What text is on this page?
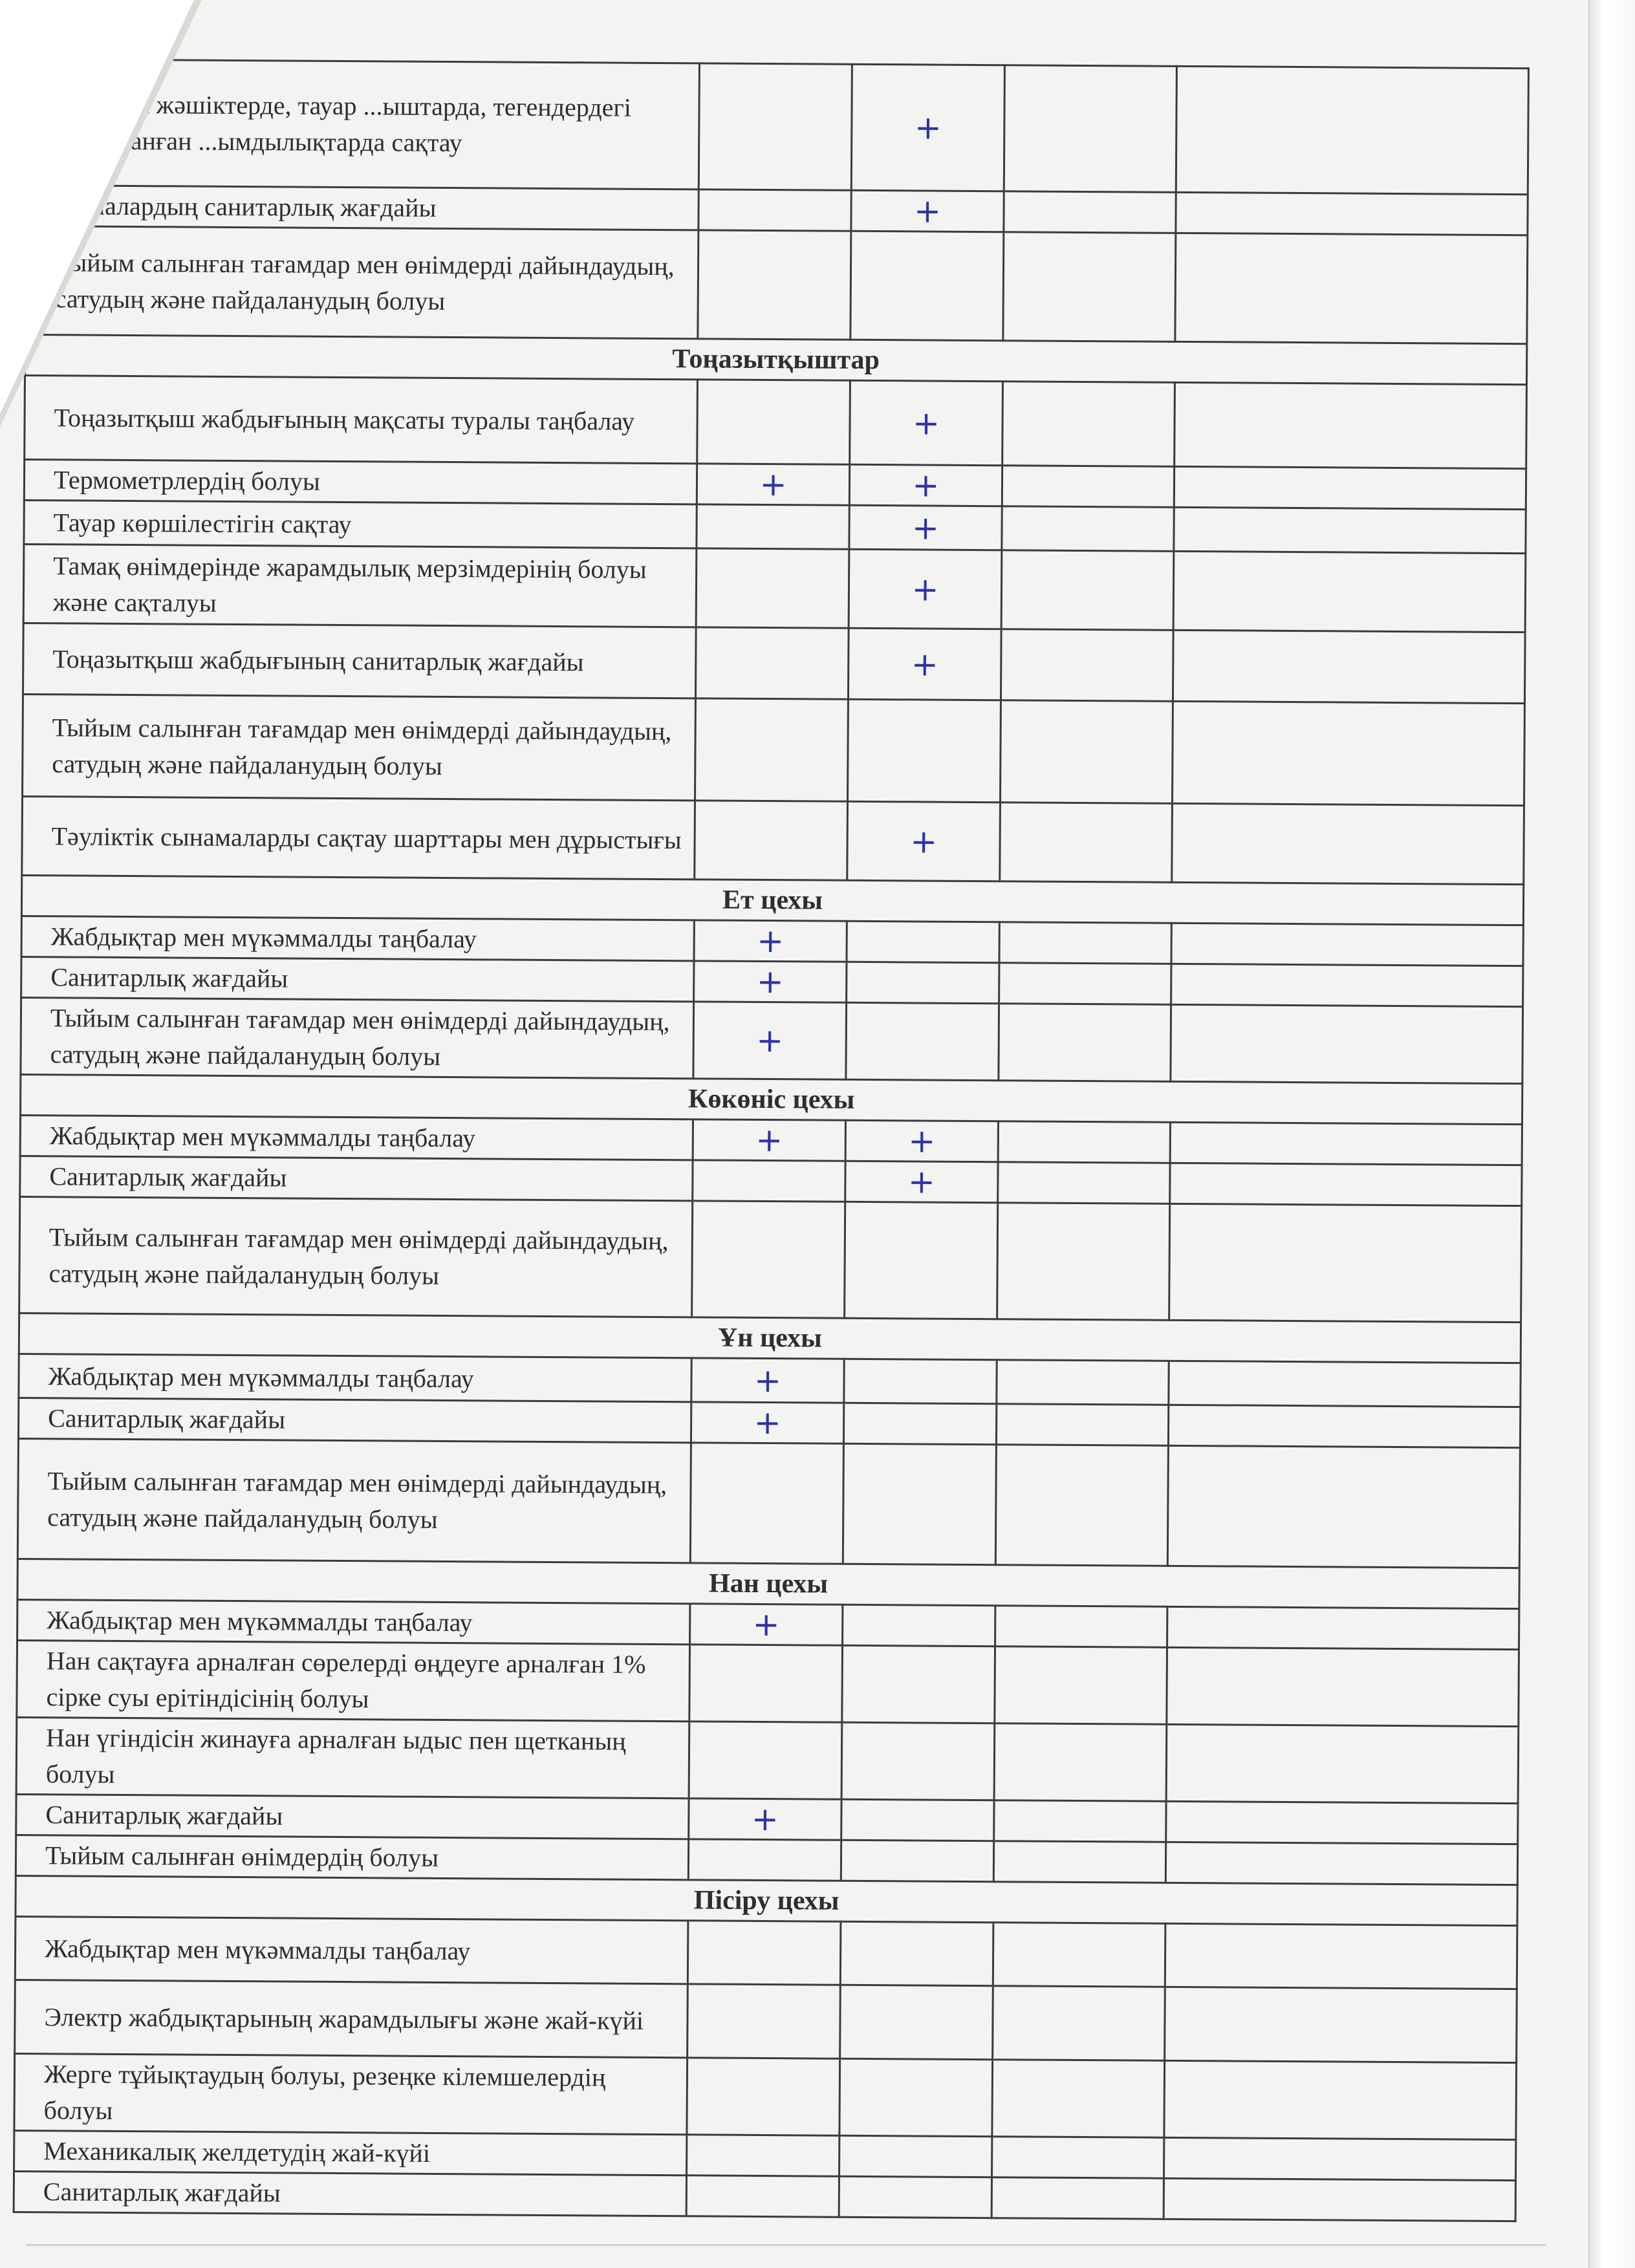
...істерді жәшіктерде, тауар ...ыштарда, тегендердегі таңбаланған ...ымдылықтарда сақтау		+		
...ймалардың санитарлық жағдайы		+		
Тыйым салынған тағамдар мен өнімдерді дайындаудың, сатудың және пайдаланудың болуы				
Тоңазытқыштар				
Тоңазытқыш жабдығының мақсаты туралы таңбалау		+		
Термометрлердің болуы	+	+		
Тауар көршілестігін сақтау		+		
Тамақ өнімдерінде жарамдылық мерзімдерінің болуы және сақталуы		+		
Тоңазытқыш жабдығының санитарлық жағдайы		+		
Тыйым салынған тағамдар мен өнімдерді дайындаудың, сатудың және пайдаланудың болуы				
Тәуліктік сынамаларды сақтау шарттары мен дұрыстығы		+		
Ет цехы				
Жабдықтар мен мүкәммалды таңбалау	+			
Санитарлық жағдайы	+			
Тыйым салынған тағамдар мен өнімдерді дайындаудың, сатудың және пайдаланудың болуы	+			
Көкөніс цехы				
Жабдықтар мен мүкәммалды таңбалау	+	+		
Санитарлық жағдайы		+		
Тыйым салынған тағамдар мен өнімдерді дайындаудың, сатудың және пайдаланудың болуы				
Ұн цехы				
Жабдықтар мен мүкәммалды таңбалау	+			
Санитарлық жағдайы	+			
Тыйым салынған тағамдар мен өнімдерді дайындаудың, сатудың және пайдаланудың болуы				
Нан цехы				
Жабдықтар мен мүкәммалды таңбалау	+			
Нан сақтауға арналған сөрелерді өңдеуге арналған 1% сірке суы ерітіндісінің болуы				
Нан үгіндісін жинауға арналған ыдыс пен щетканың болуы				
Санитарлық жағдайы	+			
Тыйым салынған өнімдердің болуы				
Пісіру цехы				
Жабдықтар мен мүкәммалды таңбалау				
Электр жабдықтарының жарамдылығы және жай-күйі				
Жерге тұйықтаудың болуы, резеңке кілемшелердің болуы				
Механикалық желдетудің жай-күйі				
Санитарлық жағдайы				
